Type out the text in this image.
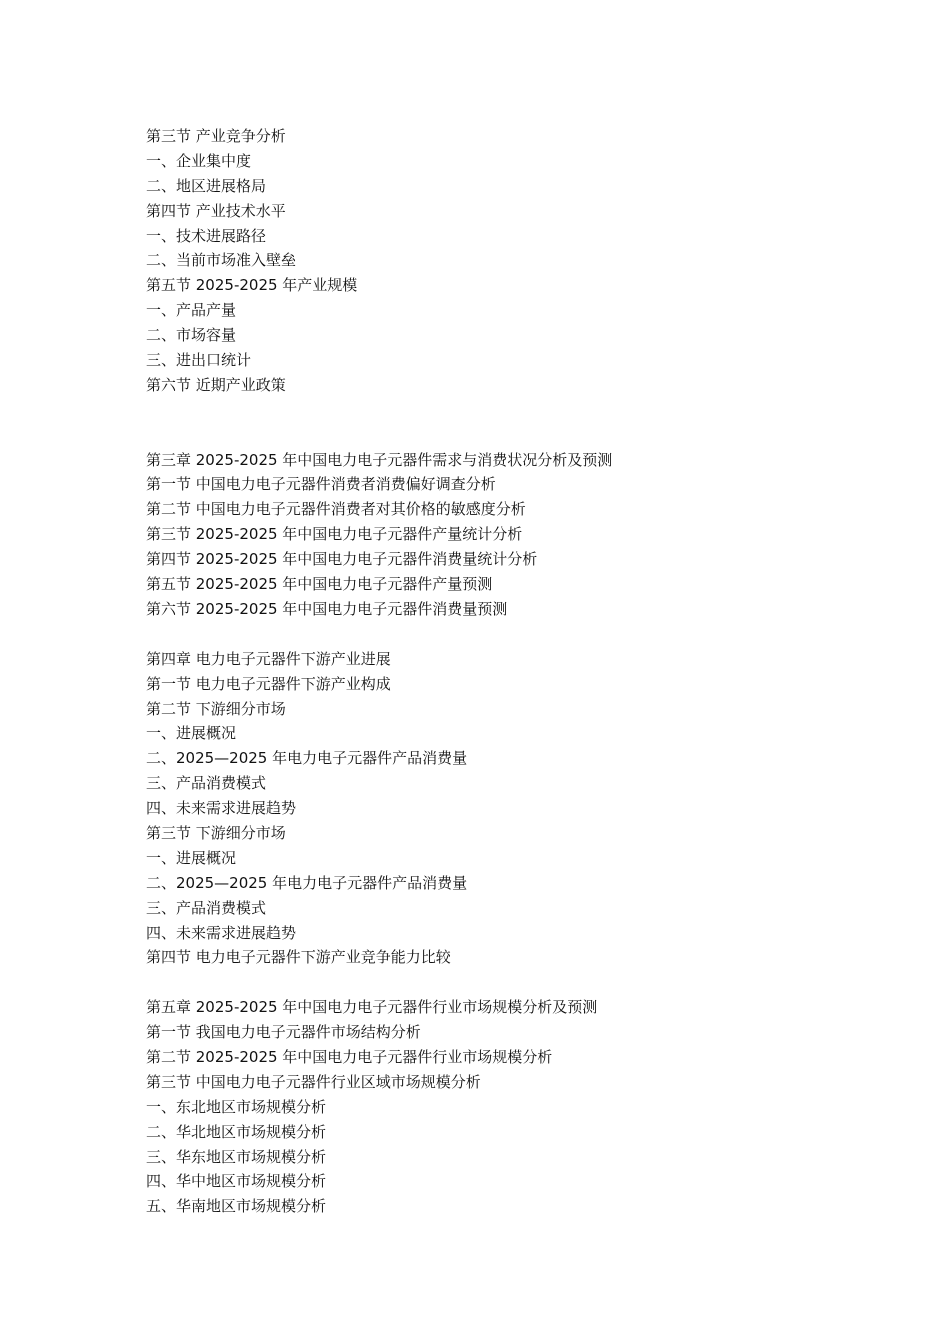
第三节 产业竞争分析
一、企业集中度
二、地区进展格局
第四节 产业技术水平
一、技术进展路径
二、当前市场准入壁垒
第五节 2025-2025 年产业规模
一、产品产量
二、市场容量
三、进出口统计
第六节 近期产业政策
第三章 2025-2025 年中国电力电子元器件需求与消费状况分析及预测
第一节 中国电力电子元器件消费者消费偏好调查分析
第二节 中国电力电子元器件消费者对其价格的敏感度分析
第三节 2025-2025 年中国电力电子元器件产量统计分析
第四节 2025-2025 年中国电力电子元器件消费量统计分析
第五节 2025-2025 年中国电力电子元器件产量预测
第六节 2025-2025 年中国电力电子元器件消费量预测
第四章 电力电子元器件下游产业进展
第一节 电力电子元器件下游产业构成
第二节 下游细分市场
一、进展概况
二、2025—2025 年电力电子元器件产品消费量
三、产品消费模式
四、未来需求进展趋势
第三节 下游细分市场
一、进展概况
二、2025—2025 年电力电子元器件产品消费量
三、产品消费模式
四、未来需求进展趋势
第四节 电力电子元器件下游产业竞争能力比较
第五章 2025-2025 年中国电力电子元器件行业市场规模分析及预测
第一节 我国电力电子元器件市场结构分析
第二节 2025-2025 年中国电力电子元器件行业市场规模分析
第三节 中国电力电子元器件行业区域市场规模分析
一、东北地区市场规模分析
二、华北地区市场规模分析
三、华东地区市场规模分析
四、华中地区市场规模分析
五、华南地区市场规模分析
